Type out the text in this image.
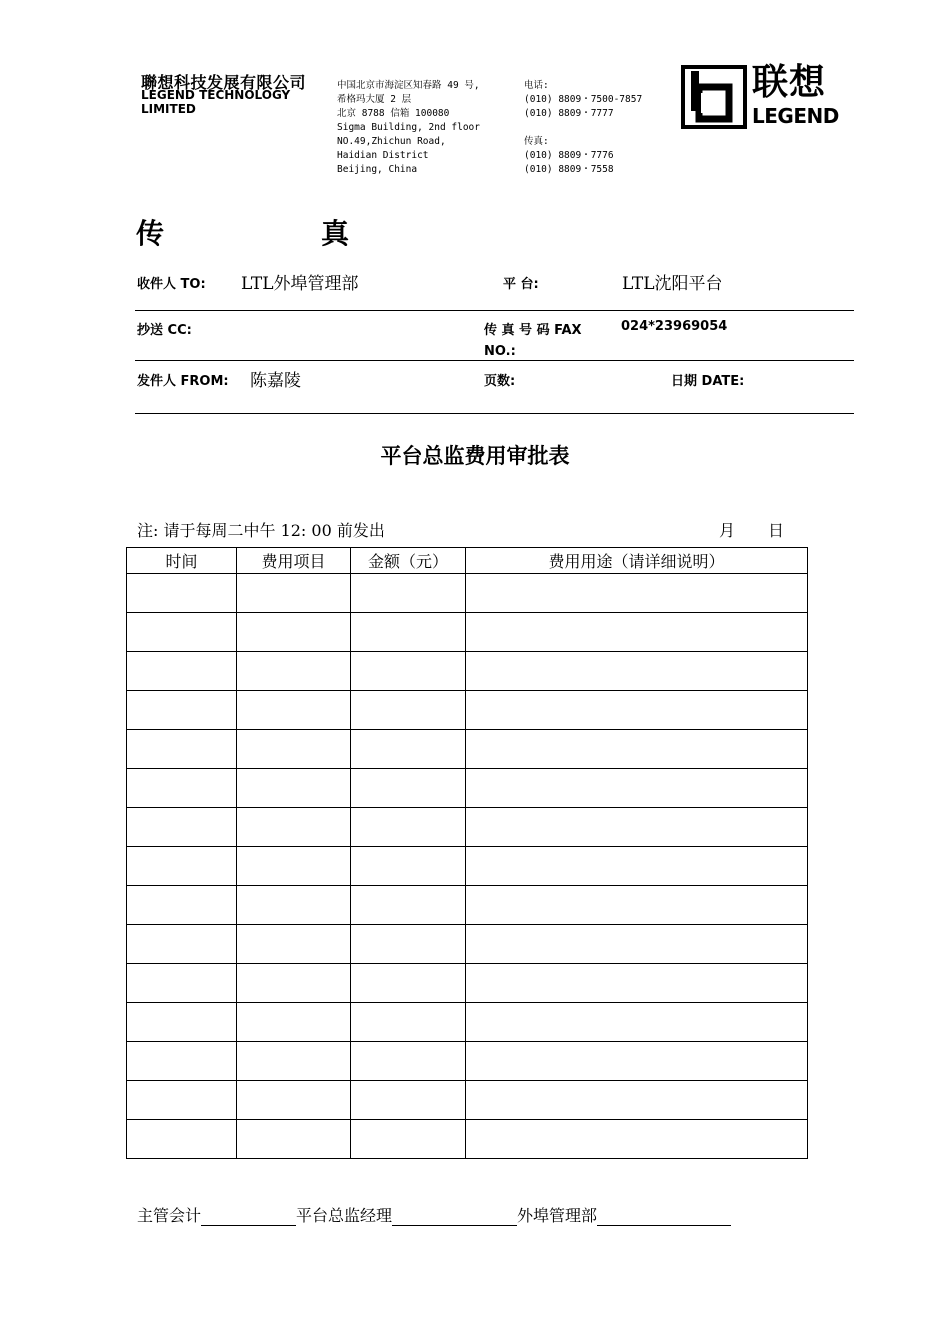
聯想科技发展有限公司
LEGEND TECHNOLOGY
LIMITED
中国北京市海淀区知春路 49 号,
希格玛大厦 2 层
北京 8788 信箱 100080
Sigma Building, 2nd floor
NO.49,Zhichun Road,
Haidian District
Beijing, China
电话:
(010) 8809・7500-7857
(010) 8809・7777
传真:
(010) 8809・7776
(010) 8809・7558
联想
LEGEND
传	真
收件人 TO: LTL外埠管理部	平 台:	LTL沈阳平台
抄送 CC:	传 真 号 码 FAX	024*23969054
NO.:
发件人 FROM: 陈嘉陵	页数:	日期 DATE:
平台总监费用审批表
注: 请于每周二中午 12: 00 前发出	月 日
时间	费用项目	金额（元）	费用用途（请详细说明）

主管会计	平台总监经理	外埠管理部
